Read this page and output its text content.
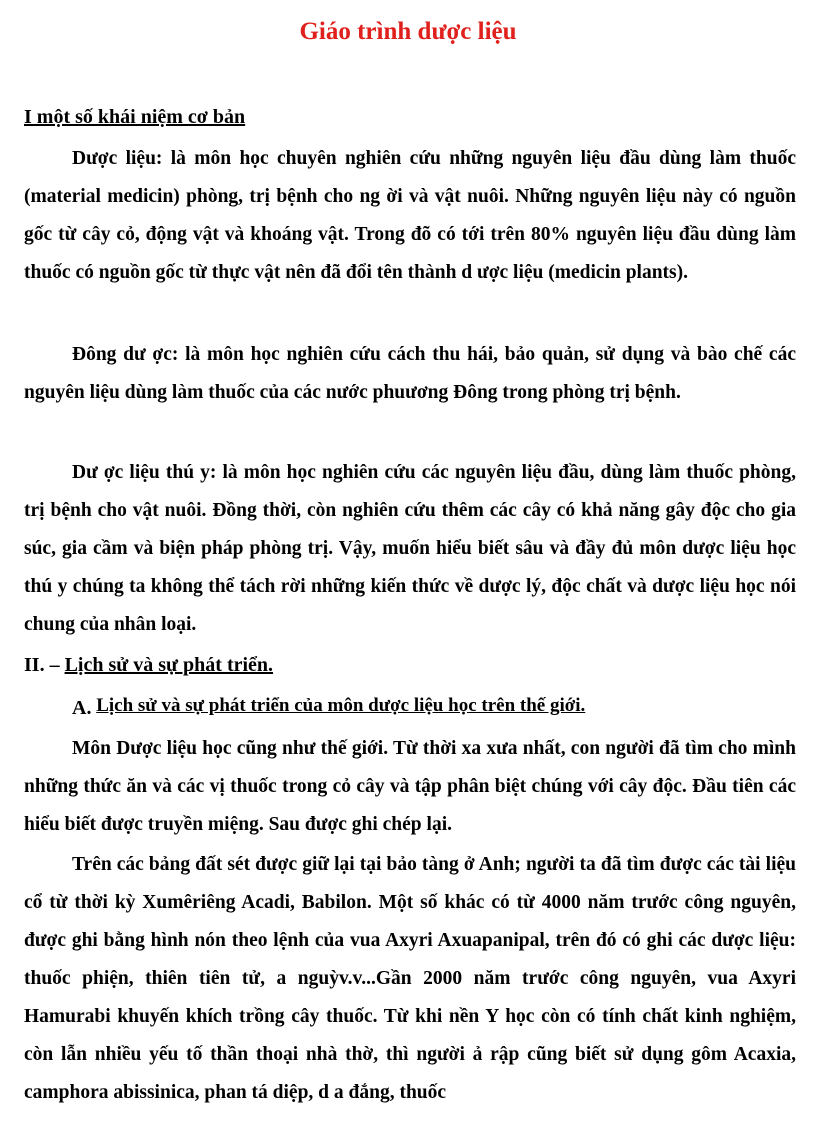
Giáo trình dược liệu
I một số khái niệm cơ bản

Dược liệu: là môn học chuyên nghiên cứu những nguyên liệu đầu dùng làm thuốc (material medicin) phòng, trị bệnh cho ng ời và vật nuôi. Những nguyên liệu này có nguồn gốc từ cây cỏ, động vật và khoáng vật. Trong đõ có tới trên 80% nguyên liệu đầu dùng làm thuốc có nguồn gốc từ thực vật nên đã đổi tên thành d ược liệu (medicin plants).

Đông dư ợc: là môn học nghiên cứu cách thu hái, bảo quản, sử dụng và bào chế các nguyên liệu dùng làm thuốc của các nước phuương Đông trong phòng trị bệnh.

Dư ợc liệu thú y: là môn học nghiên cứu các nguyên liệu đầu, dùng làm thuốc phòng, trị bệnh cho vật nuôi. Đồng thời, còn nghiên cứu thêm các cây có khả năng gây độc cho gia súc, gia cầm và biện pháp phòng trị. Vậy, muốn hiểu biết sâu và đầy đủ môn dược liệu học thú y chúng ta không thể tách rời những kiến thức về dược lý, độc chất và dược liệu học nói chung của nhân loại.

II. – Lịch sử và sự phát triển.
A. Lịch sử và sự phát triển của môn dược liệu học trên thế giới.

Môn Dược liệu học cũng như thế giới. Từ thời xa xưa nhất, con người đã tìm cho mình những thức ăn và các vị thuốc trong cỏ cây và tập phân biệt chúng với cây độc. Đầu tiên các hiểu biết được truyền miệng. Sau được ghi chép lại.

Trên các bảng đất sét được giữ lại tại bảo tàng ở Anh; người ta đã tìm được các tài liệu cổ từ thời kỳ Xumêriêng Acadi, Babilon. Một số khác có từ 4000 năm trước công nguyên, được ghi bằng hình nón theo lệnh của vua Axyri Axuapanipal, trên đó có ghi các dược liệu: thuốc phiện, thiên tiên tử, a nguỳv.v...Gần 2000 năm trước công nguyên, vua Axyri Hamurabi khuyến khích trồng cây thuốc. Từ khi nền Y học còn có tính chất kinh nghiệm, còn lẫn nhiều yếu tố thần thoại nhà thờ, thì người ả rập cũng biết sử dụng gôm Acaxia, camphora abissinica, phan tá diệp, d a đắng, thuốc
